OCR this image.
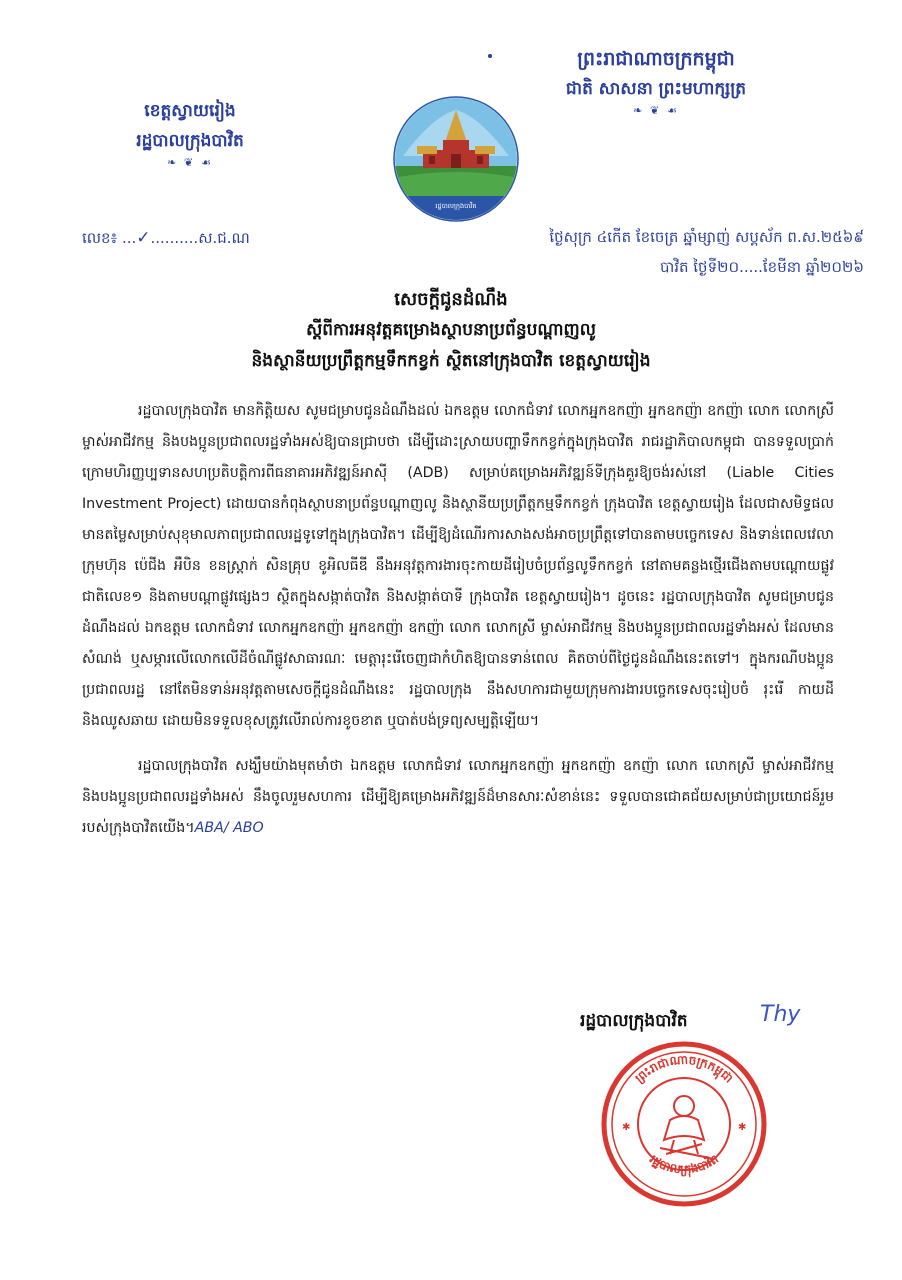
ព្រះរាជាណាចក្រកម្ពុជា
ជាតិ សាសនា ព្រះមហាក្សត្រ
❧ ❦ ☙
ខេត្តស្វាយរៀង
រដ្ឋបាលក្រុងបាវិត
❧ ❦ ☙
រដ្ឋបាលក្រុងបាវិត
លេខ៖ ...✓..........ស.ជ.ណ	ថ្ងៃសុក្រ ៤កើត ខែចេត្រ ឆ្នាំម្សាញ់ សប្តស័ក ព.ស.២៥៦៩
បាវិត ថ្ងៃទី២០.....ខែមីនា ឆ្នាំ២០២៦
សេចក្តីជូនដំណឹង
ស្តីពីការអនុវត្តគម្រោងស្ថាបនាប្រព័ន្ធបណ្តាញលូ
និងស្ថានីយប្រព្រឹត្តកម្មទឹកកខ្វក់ ស្ថិតនៅក្រុងបាវិត ខេត្តស្វាយរៀង

រដ្ឋបាលក្រុងបាវិត មានកិត្តិយស សូមជម្រាបជូនដំណឹងដល់ ឯកឧត្តម លោកជំទាវ លោកអ្នកឧកញ៉ា អ្នកឧកញ៉ា ឧកញ៉ា លោក លោកស្រី ម្ចាស់អាជីវកម្ម និងបងប្អូនប្រជាពលរដ្ឋទាំងអស់ឱ្យបានជ្រាបថា ដើម្បីដោះស្រាយបញ្ហាទឹកកខ្វក់ក្នុងក្រុងបាវិត រាជរដ្ឋាភិបាលកម្ពុជា បានទទួលប្រាក់ក្រោមហិរញ្ញប្បទានសហប្រតិបត្តិការពីធនាគារអភិវឌ្ឍន៍អាស៊ី (ADB) សម្រាប់គម្រោងអភិវឌ្ឍន៍ទីក្រុងគួរឱ្យចង់រស់នៅ (Liable Cities Investment Project) ដោយបានកំពុងស្ថាបនាប្រព័ន្ធបណ្តាញលូ និងស្ថានីយប្រព្រឹត្តកម្មទឹកកខ្វក់ ក្រុងបាវិត ខេត្តស្វាយរៀង ដែលជាសមិទ្ធផលមានតម្លៃសម្រាប់សុខុមាលភាពប្រជាពលរដ្ឋទូទៅក្នុងក្រុងបាវិត។ ដើម្បីឱ្យដំណើរការសាងសង់អាចប្រព្រឹត្តទៅបានតាមបច្ចេកទេស និងទាន់ពេលវេលា ក្រុមហ៊ុន ប៉េជីង អឺបិន ខនស្ត្រាក់ សិនគ្រុប ខូអិលធីឌី នឹងអនុវត្តការងារចុះកាយដីរៀបចំប្រព័ន្ធលូទឹកកខ្វក់ នៅតាមគន្លងថ្មើរជើងតាមបណ្តោយផ្លូវជាតិលេខ១ និងតាមបណ្តាផ្លូវផ្សេងៗ ស្ថិតក្នុងសង្កាត់បាវិត និងសង្កាត់បាទី ក្រុងបាវិត ខេត្តស្វាយរៀង។ ដូចនេះ រដ្ឋបាលក្រុងបាវិត សូមជម្រាបជូនដំណឹងដល់ ឯកឧត្តម លោកជំទាវ លោកអ្នកឧកញ៉ា អ្នកឧកញ៉ា ឧកញ៉ា លោក លោកស្រី ម្ចាស់អាជីវកម្ម និងបងប្អូនប្រជាពលរដ្ឋទាំងអស់ ដែលមានសំណង់ ឬសម្ភារលើលោកលើដីចំណីផ្លូវសាធារណៈ មេត្តារុះរើចេញជាកំហិតឱ្យបានទាន់ពេល គិតចាប់ពីថ្ងៃជូនដំណឹងនេះតទៅ។ ក្នុងករណីបងប្អូនប្រជាពលរដ្ឋ នៅតែមិនទាន់អនុវត្តតាមសេចក្តីជូនដំណឹងនេះ រដ្ឋបាលក្រុង នឹងសហការជាមួយក្រុមការងារបច្ចេកទេសចុះរៀបចំ រុះរើ កាយដី និងឈូសឆាយ ដោយមិនទទួលខុសត្រូវលើរាល់ការខូចខាត ឬបាត់បង់ទ្រព្យសម្បត្តិឡើយ។

រដ្ឋបាលក្រុងបាវិត សង្ឃឹមយ៉ាងមុតមាំថា ឯកឧត្តម លោកជំទាវ លោកអ្នកឧកញ៉ា អ្នកឧកញ៉ា ឧកញ៉ា លោក លោកស្រី ម្ចាស់អាជីវកម្ម និងបងប្អូនប្រជាពលរដ្ឋទាំងអស់ នឹងចូលរួមសហការ ដើម្បីឱ្យគម្រោងអភិវឌ្ឍន៍ដ៏មានសារៈសំខាន់នេះ ទទួលបានជោគជ័យសម្រាប់ជាប្រយោជន៍រួមរបស់ក្រុងបាវិតយើង។ABA/ ABO

រដ្ឋបាលក្រុងបាវិត	Thy
ព្រះរាជាណាចក្រកម្ពុជា
រដ្ឋបាលក្រុងបាវិត
✱	✱
